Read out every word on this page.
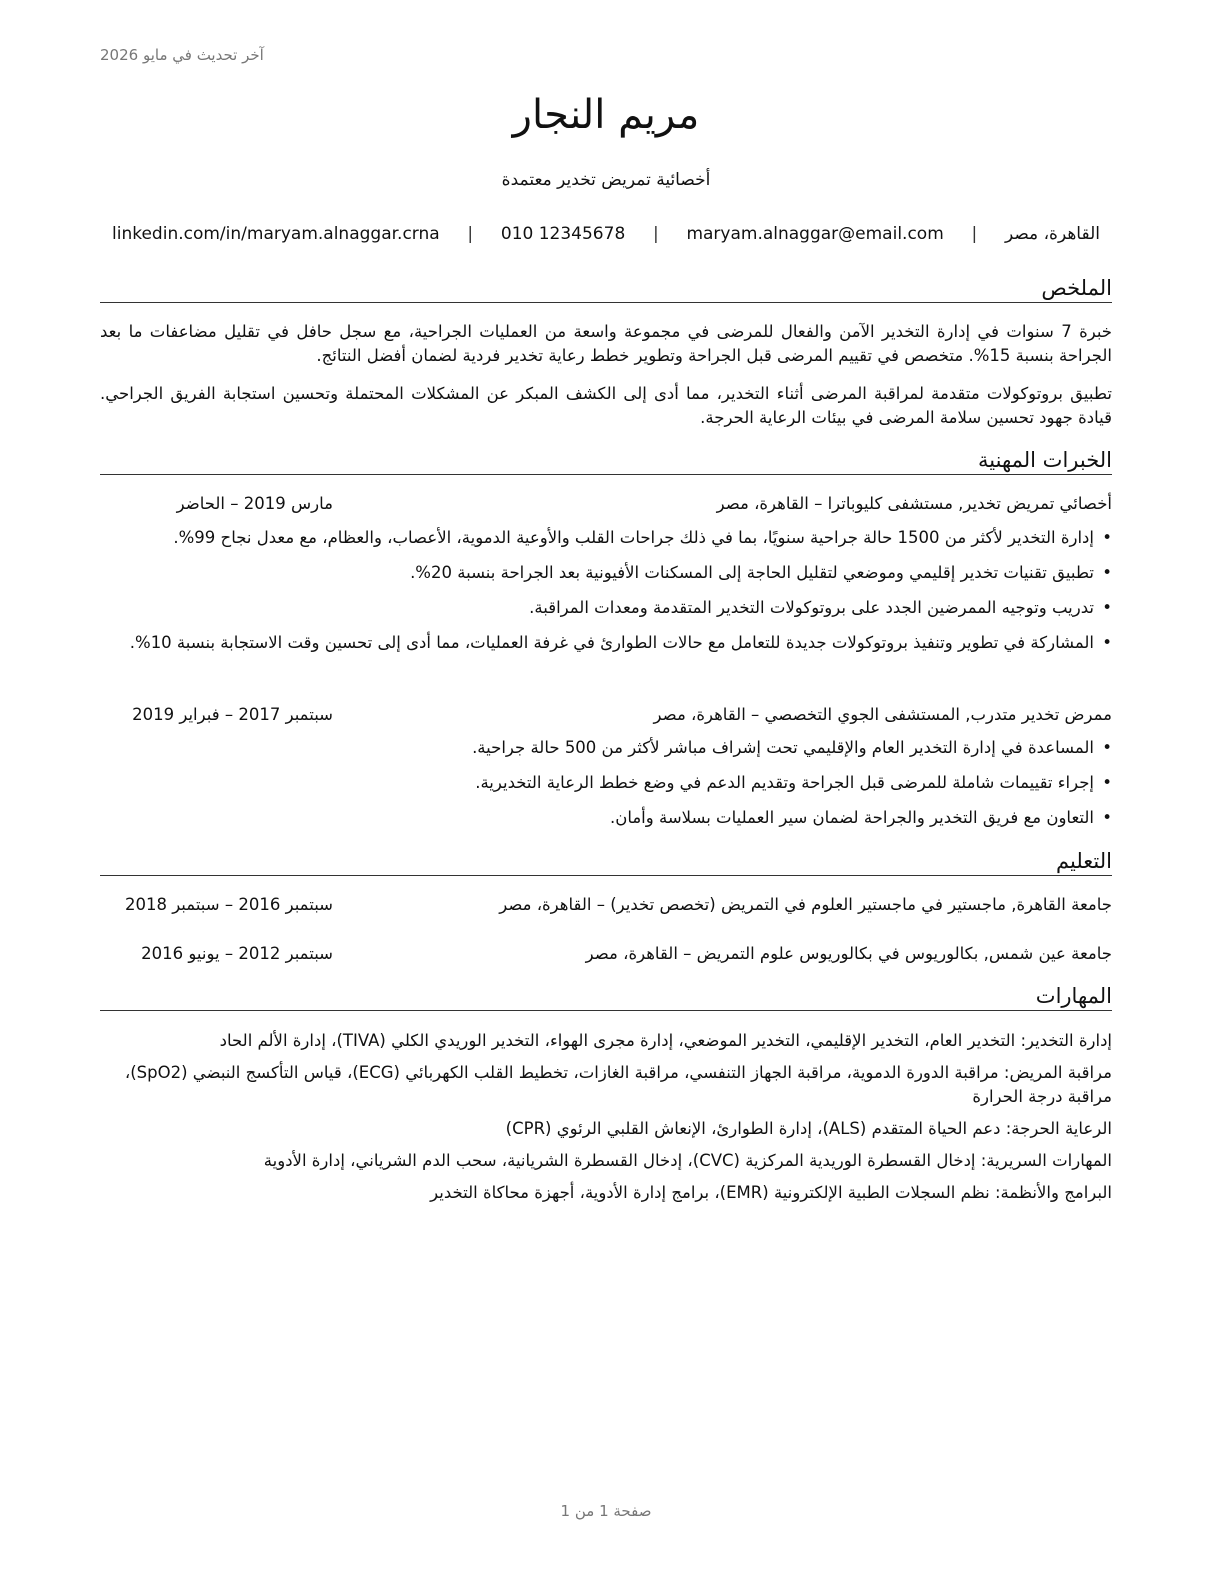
آخر تحديث في مايو 2026
مريم النجار
أخصائية تمريض تخدير معتمدة
القاهرة، مصر
|
maryam.alnaggar@email.com
|
010 12345678
|
linkedin.com/in/maryam.alnaggar.crna
الملخص
خبرة 7 سنوات في إدارة التخدير الآمن والفعال للمرضى في مجموعة واسعة من العمليات الجراحية، مع سجل حافل في تقليل مضاعفات ما بعد الجراحة بنسبة 15%. متخصص في تقييم المرضى قبل الجراحة وتطوير خطط رعاية تخدير فردية لضمان أفضل النتائج.
تطبيق بروتوكولات متقدمة لمراقبة المرضى أثناء التخدير، مما أدى إلى الكشف المبكر عن المشكلات المحتملة وتحسين استجابة الفريق الجراحي. قيادة جهود تحسين سلامة المرضى في بيئات الرعاية الحرجة.
الخبرات المهنية
أخصائي تمريض تخدير, مستشفى كليوباترا – القاهرة، مصر
مارس 2019 – الحاضر
• إدارة التخدير لأكثر من 1500 حالة جراحية سنويًا، بما في ذلك جراحات القلب والأوعية الدموية، الأعصاب، والعظام، مع معدل نجاح 99%.
• تطبيق تقنيات تخدير إقليمي وموضعي لتقليل الحاجة إلى المسكنات الأفيونية بعد الجراحة بنسبة 20%.
• تدريب وتوجيه الممرضين الجدد على بروتوكولات التخدير المتقدمة ومعدات المراقبة.
• المشاركة في تطوير وتنفيذ بروتوكولات جديدة للتعامل مع حالات الطوارئ في غرفة العمليات، مما أدى إلى تحسين وقت الاستجابة بنسبة 10%.
ممرض تخدير متدرب, المستشفى الجوي التخصصي – القاهرة، مصر
سبتمبر 2017 – فبراير 2019
• المساعدة في إدارة التخدير العام والإقليمي تحت إشراف مباشر لأكثر من 500 حالة جراحية.
• إجراء تقييمات شاملة للمرضى قبل الجراحة وتقديم الدعم في وضع خطط الرعاية التخديرية.
• التعاون مع فريق التخدير والجراحة لضمان سير العمليات بسلاسة وأمان.
التعليم
جامعة القاهرة, ماجستير في ماجستير العلوم في التمريض (تخصص تخدير) – القاهرة، مصر
سبتمبر 2016 – سبتمبر 2018
جامعة عين شمس, بكالوريوس في بكالوريوس علوم التمريض – القاهرة، مصر
سبتمبر 2012 – يونيو 2016
المهارات
إدارة التخدير: التخدير العام، التخدير الإقليمي، التخدير الموضعي، إدارة مجرى الهواء، التخدير الوريدي الكلي (TIVA)، إدارة الألم الحاد
مراقبة المريض: مراقبة الدورة الدموية، مراقبة الجهاز التنفسي، مراقبة الغازات، تخطيط القلب الكهربائي (ECG)، قياس التأكسج النبضي (SpO2)، مراقبة درجة الحرارة
الرعاية الحرجة: دعم الحياة المتقدم (ALS)، إدارة الطوارئ، الإنعاش القلبي الرئوي (CPR)
المهارات السريرية: إدخال القسطرة الوريدية المركزية (CVC)، إدخال القسطرة الشريانية، سحب الدم الشرياني، إدارة الأدوية
البرامج والأنظمة: نظم السجلات الطبية الإلكترونية (EMR)، برامج إدارة الأدوية، أجهزة محاكاة التخدير
صفحة 1 من 1
